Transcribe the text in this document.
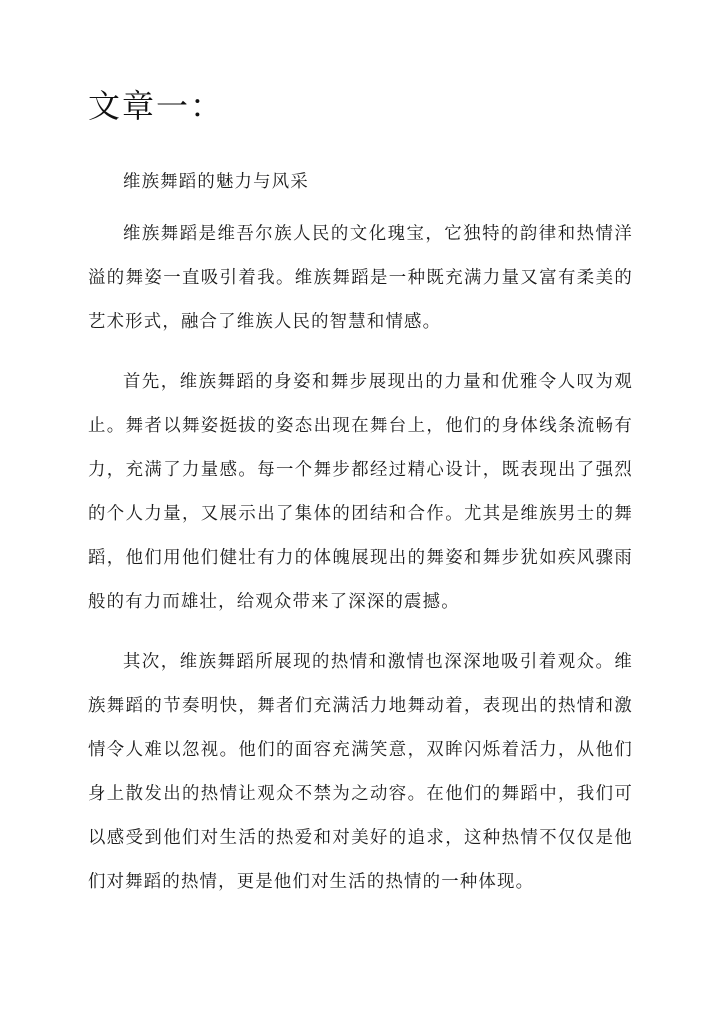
文章一：

维族舞蹈的魅力与风采

维族舞蹈是维吾尔族人民的文化瑰宝，它独特的韵律和热情洋溢的舞姿一直吸引着我。维族舞蹈是一种既充满力量又富有柔美的艺术形式，融合了维族人民的智慧和情感。

首先，维族舞蹈的身姿和舞步展现出的力量和优雅令人叹为观止。舞者以舞姿挺拔的姿态出现在舞台上，他们的身体线条流畅有力，充满了力量感。每一个舞步都经过精心设计，既表现出了强烈的个人力量，又展示出了集体的团结和合作。尤其是维族男士的舞蹈，他们用他们健壮有力的体魄展现出的舞姿和舞步犹如疾风骤雨般的有力而雄壮，给观众带来了深深的震撼。

其次，维族舞蹈所展现的热情和激情也深深地吸引着观众。维族舞蹈的节奏明快，舞者们充满活力地舞动着，表现出的热情和激情令人难以忽视。他们的面容充满笑意，双眸闪烁着活力，从他们身上散发出的热情让观众不禁为之动容。在他们的舞蹈中，我们可以感受到他们对生活的热爱和对美好的追求，这种热情不仅仅是他们对舞蹈的热情，更是他们对生活的热情的一种体现。
